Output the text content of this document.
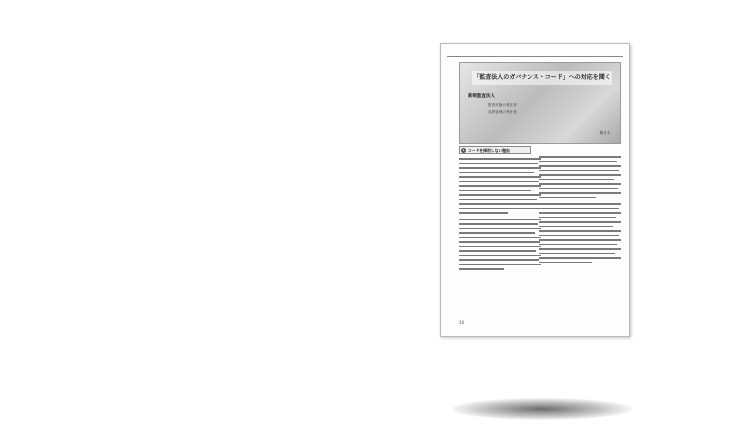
「監査法人のガバナンス・コード」への対応を聞く
新制監査法人
監査実施の責任者：
品質管理の責任者：
聞き手：
1 コードを採用しない理由
10
